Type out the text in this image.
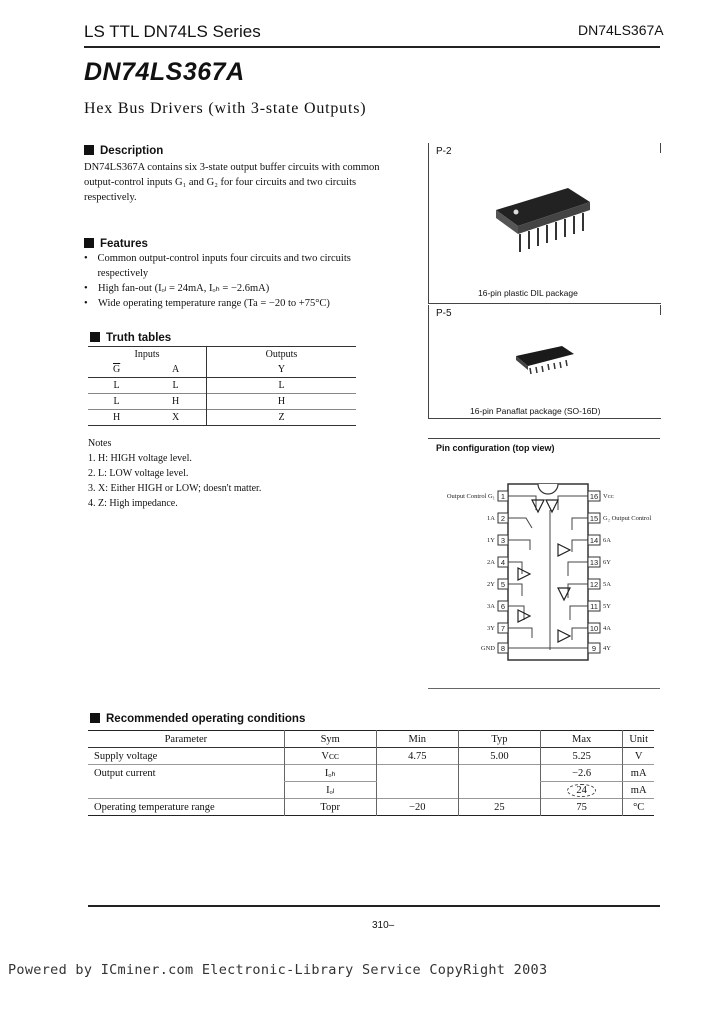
LS TTL DN74LS Series	DN74LS367A
DN74LS367A
Hex Bus Drivers (with 3-state Outputs)
Description
DN74LS367A contains six 3-state output buffer circuits with common output-control inputs G₁ and G₂ for four circuits and two circuits respectively.
Features
• Common output-control inputs four circuits and two circuits respectively
• High fan-out (Iₒₗ = 24mA, Iₒₕ = −2.6mA)
• Wide operating temperature range (Ta = −20 to +75°C)
Truth tables
Inputs		Outputs
$\overline{G}$	A	Y
L	L	L
L	H	H
H	X	Z
Notes
1. H: HIGH voltage level.
2. L: LOW voltage level.
3. X: Either HIGH or LOW; doesn't matter.
4. Z: High impedance.
P-2
16-pin plastic DIL package
P-5
16-pin Panaflat package (SO-16D)
Pin configuration (top view)
1
2
3
4
5
6
7
8
16
15
14
13
12
11
10
9
Output Control G₁
1A
1Y
2A
2Y
3A
3Y
GND
Vᴄᴄ
G₂ Output Control
6A
6Y
5A
5Y
4A
4Y
Recommended operating conditions
Parameter	Sym	Min	Typ	Max	Unit
Supply voltage	Vᴄᴄ	4.75	5.00	5.25	V
Output current	Iₒₕ			−2.6	mA
	Iₒₗ			24	mA
Operating temperature range	Topr	−20	25	75	°C
310–
Powered by ICminer.com Electronic-Library Service CopyRight 2003
